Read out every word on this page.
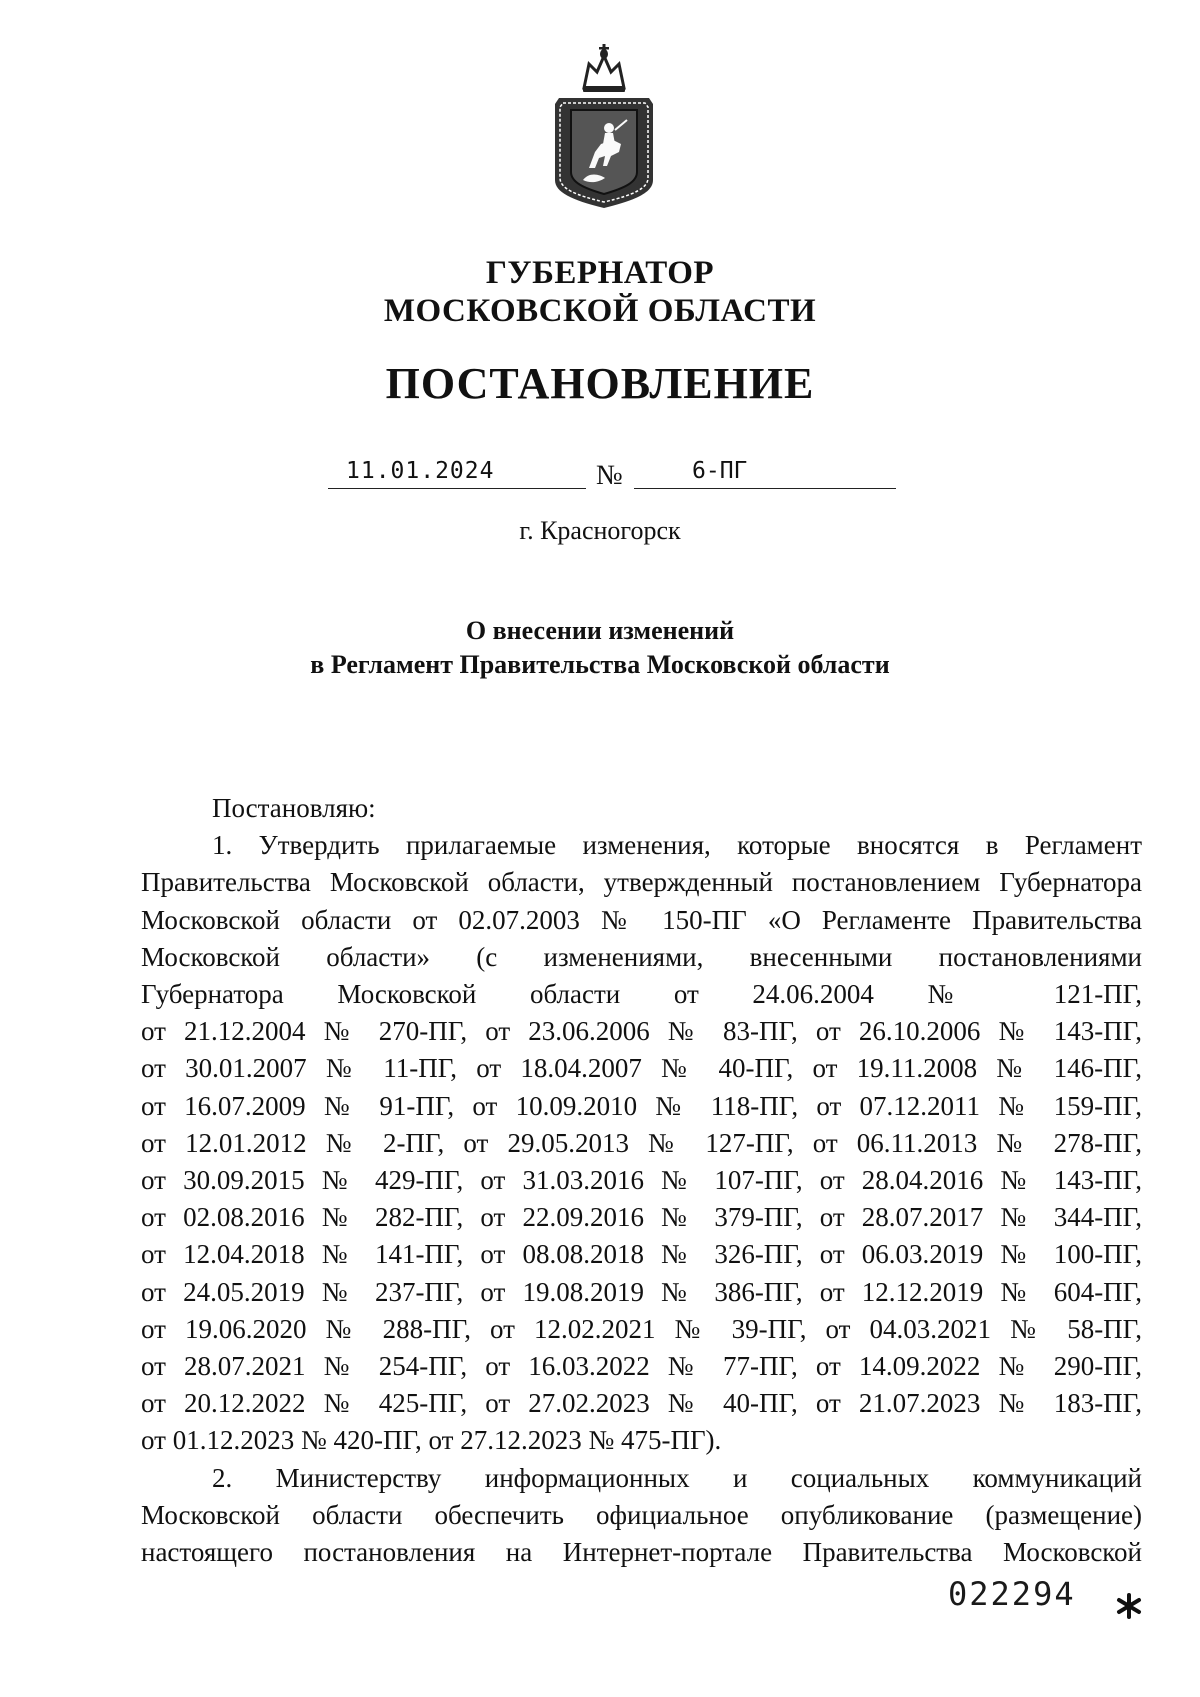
ГУБЕРНАТОР
МОСКОВСКОЙ ОБЛАСТИ
ПОСТАНОВЛЕНИЕ
11.01.2024	№	6-ПГ
г. Красногорск
О внесении изменений
в Регламент Правительства Московской области

Постановляю:

1. Утвердить прилагаемые изменения, которые вносятся в Регламент

Правительства Московской области, утвержденный постановлением Губернатора

Московской области от 02.07.2003 № 150-ПГ «О Регламенте Правительства

Московской области» (с изменениями, внесенными постановлениями

Губернатора Московской области от 24.06.2004 № 121-ПГ,

от 21.12.2004 № 270-ПГ, от 23.06.2006 № 83-ПГ, от 26.10.2006 № 143-ПГ,

от 30.01.2007 № 11-ПГ, от 18.04.2007 № 40-ПГ, от 19.11.2008 № 146-ПГ,

от 16.07.2009 № 91-ПГ, от 10.09.2010 № 118-ПГ, от 07.12.2011 № 159-ПГ,

от 12.01.2012 № 2-ПГ, от 29.05.2013 № 127-ПГ, от 06.11.2013 № 278-ПГ,

от 30.09.2015 № 429-ПГ, от 31.03.2016 № 107-ПГ, от 28.04.2016 № 143-ПГ,

от 02.08.2016 № 282-ПГ, от 22.09.2016 № 379-ПГ, от 28.07.2017 № 344-ПГ,

от 12.04.2018 № 141-ПГ, от 08.08.2018 № 326-ПГ, от 06.03.2019 № 100-ПГ,

от 24.05.2019 № 237-ПГ, от 19.08.2019 № 386-ПГ, от 12.12.2019 № 604-ПГ,

от 19.06.2020 № 288-ПГ, от 12.02.2021 № 39-ПГ, от 04.03.2021 № 58-ПГ,

от 28.07.2021 № 254-ПГ, от 16.03.2022 № 77-ПГ, от 14.09.2022 № 290-ПГ,

от 20.12.2022 № 425-ПГ, от 27.02.2023 № 40-ПГ, от 21.07.2023 № 183-ПГ,

от 01.12.2023 № 420-ПГ, от 27.12.2023 № 475-ПГ).

2. Министерству информационных и социальных коммуникаций

Московской области обеспечить официальное опубликование (размещение)

настоящего постановления на Интернет-портале Правительства Московской

022294
